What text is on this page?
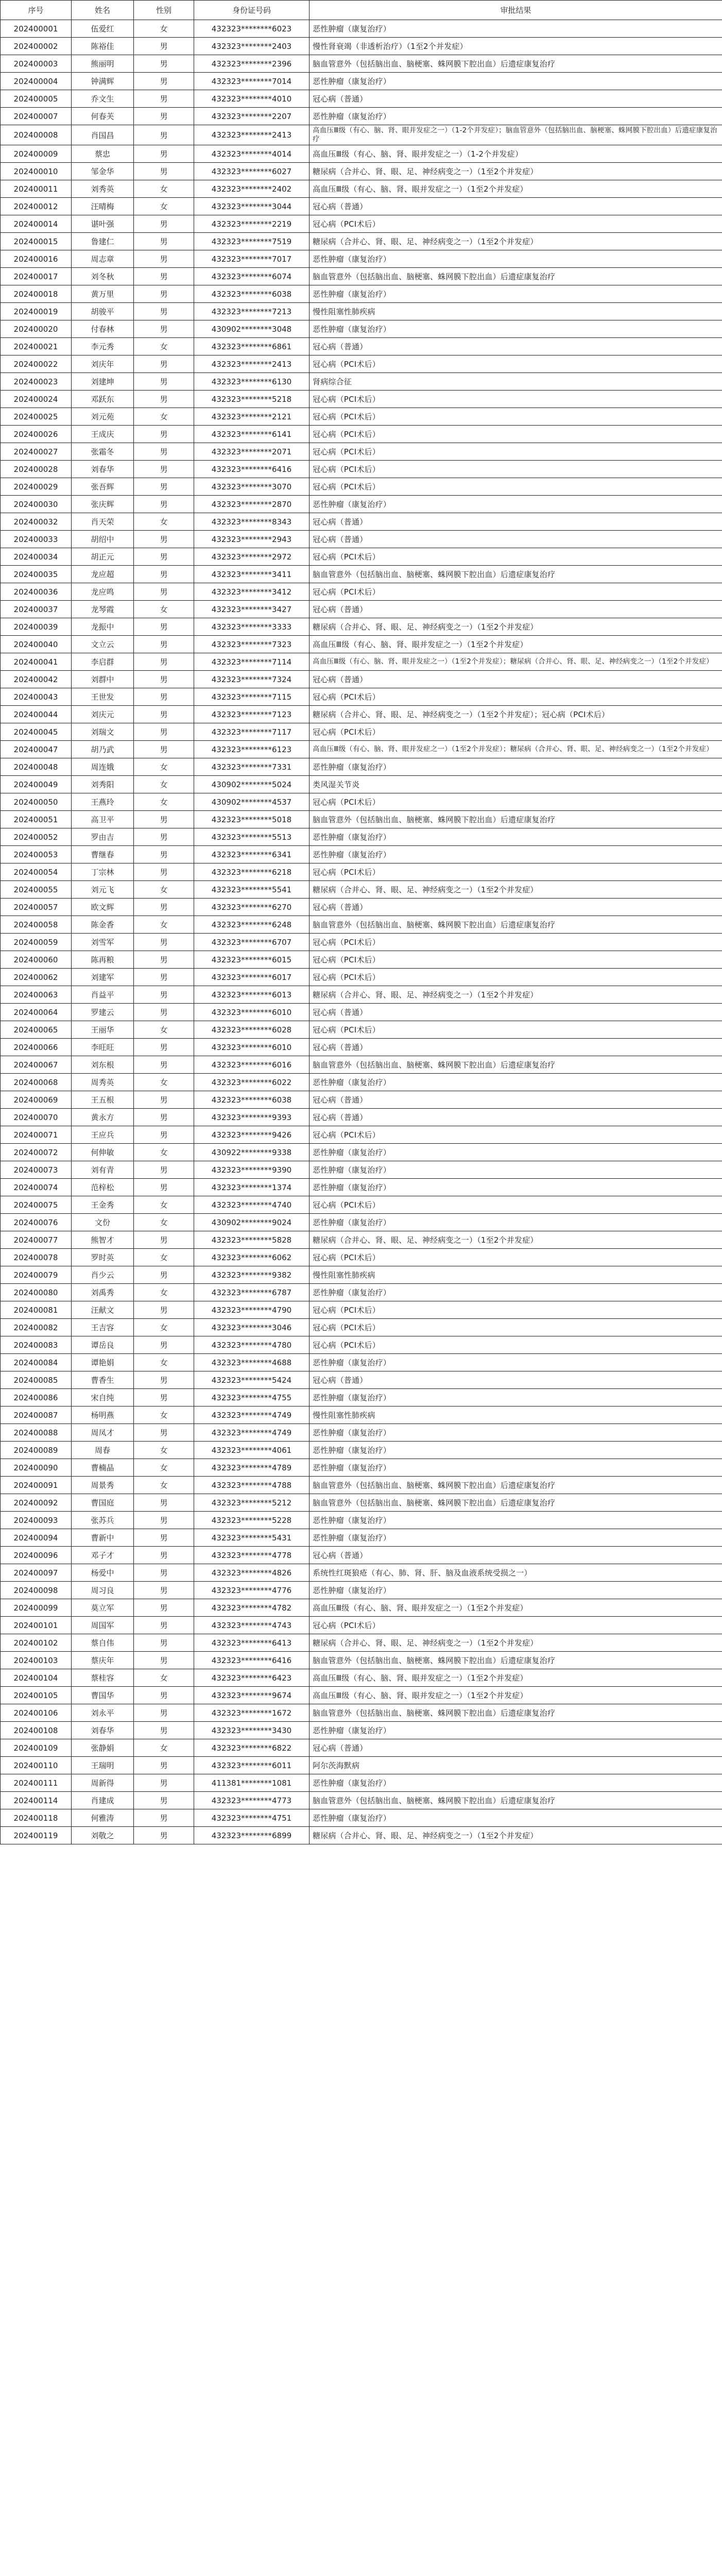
序号	姓名	性别	身份证号码	审批结果
202400001	伍爱红	女	432323********6023	恶性肿瘤（康复治疗）
202400002	陈裕佳	男	432323********2403	慢性肾衰竭（非透析治疗）（1至2个并发症）
202400003	熊丽明	男	432323********2396	脑血管意外（包括脑出血、脑梗塞、蛛网膜下腔出血）后遗症康复治疗
202400004	钟满辉	男	432323********7014	恶性肿瘤（康复治疗）
202400005	乔文生	男	432323********4010	冠心病（普通）
202400007	何春芙	男	432323********2207	恶性肿瘤（康复治疗）
202400008	肖国昌	男	432323********2413	高血压Ⅲ级（有心、脑、肾、眼并发症之一）（1-2个并发症）；脑血管意外（包括脑出血、脑梗塞、蛛网膜下腔出血）后遗症康复治疗
202400009	蔡忠	男	432323********4014	高血压Ⅲ级（有心、脑、肾、眼并发症之一）（1-2个并发症）
202400010	邹金华	男	432323********6027	糖尿病（合并心、肾、眼、足、神经病变之一）（1至2个并发症）
202400011	刘秀英	女	432323********2402	高血压Ⅲ级（有心、脑、肾、眼并发症之一）（1至2个并发症）
202400012	汪晴梅	女	432323********3044	冠心病（普通）
202400014	谌叶强	男	432323********2219	冠心病（PCI术后）
202400015	鲁建仁	男	432323********7519	糖尿病（合并心、肾、眼、足、神经病变之一）（1至2个并发症）
202400016	周志章	男	432323********7017	恶性肿瘤（康复治疗）
202400017	刘冬秋	男	432323********6074	脑血管意外（包括脑出血、脑梗塞、蛛网膜下腔出血）后遗症康复治疗
202400018	黄万里	男	432323********6038	恶性肿瘤（康复治疗）
202400019	胡骏平	男	432323********7213	慢性阻塞性肺疾病
202400020	付春林	男	430902********3048	恶性肿瘤（康复治疗）
202400021	李元秀	女	432323********6861	冠心病（普通）
202400022	刘庆年	男	432323********2413	冠心病（PCI术后）
202400023	刘建坤	男	432323********6130	肾病综合征
202400024	邓跃东	男	432323********5218	冠心病（PCI术后）
202400025	刘元苑	女	432323********2121	冠心病（PCI术后）
202400026	王成庆	男	432323********6141	冠心病（PCI术后）
202400027	张霜冬	男	432323********2071	冠心病（PCI术后）
202400028	刘春华	男	432323********6416	冠心病（PCI术后）
202400029	张吾辉	男	432323********3070	冠心病（PCI术后）
202400030	张庆辉	男	432323********2870	恶性肿瘤（康复治疗）
202400032	肖天荣	女	432323********8343	冠心病（普通）
202400033	胡绍中	男	432323********2943	冠心病（普通）
202400034	胡正元	男	432323********2972	冠心病（PCI术后）
202400035	龙应超	男	432323********3411	脑血管意外（包括脑出血、脑梗塞、蛛网膜下腔出血）后遗症康复治疗
202400036	龙应鸣	男	432323********3412	冠心病（PCI术后）
202400037	龙琴霞	女	432323********3427	冠心病（普通）
202400039	龙振中	男	432323********3333	糖尿病（合并心、肾、眼、足、神经病变之一）（1至2个并发症）
202400040	文立云	男	432323********7323	高血压Ⅲ级（有心、脑、肾、眼并发症之一）（1至2个并发症）
202400041	李启群	男	432323********7114	高血压Ⅲ级（有心、脑、肾、眼并发症之一）（1至2个并发症）；糖尿病（合并心、肾、眼、足、神经病变之一）（1至2个并发症）
202400042	刘群中	男	432323********7324	冠心病（普通）
202400043	王世发	男	432323********7115	冠心病（PCI术后）
202400044	刘庆元	男	432323********7123	糖尿病（合并心、肾、眼、足、神经病变之一）（1至2个并发症）；冠心病（PCI术后）
202400045	刘瑞文	男	432323********7117	冠心病（PCI术后）
202400047	胡乃武	男	432323********6123	高血压Ⅲ级（有心、脑、肾、眼并发症之一）（1至2个并发症）；糖尿病（合并心、肾、眼、足、神经病变之一）（1至2个并发症）
202400048	周连娥	女	432323********7331	恶性肿瘤（康复治疗）
202400049	刘秀阳	女	430902********5024	类风湿关节炎
202400050	王燕玲	女	430902********4537	冠心病（PCI术后）
202400051	高卫平	男	432323********5018	脑血管意外（包括脑出血、脑梗塞、蛛网膜下腔出血）后遗症康复治疗
202400052	罗由吉	男	432323********5513	恶性肿瘤（康复治疗）
202400053	曹继春	男	432323********6341	恶性肿瘤（康复治疗）
202400054	丁宗林	男	432323********6218	冠心病（PCI术后）
202400055	刘元飞	女	432323********5541	糖尿病（合并心、肾、眼、足、神经病变之一）（1至2个并发症）
202400057	欧文辉	男	432323********6270	冠心病（普通）
202400058	陈金香	女	432323********6248	脑血管意外（包括脑出血、脑梗塞、蛛网膜下腔出血）后遗症康复治疗
202400059	刘雪军	男	432323********6707	冠心病（PCI术后）
202400060	陈再粮	男	432323********6015	冠心病（PCI术后）
202400062	刘建军	男	432323********6017	冠心病（PCI术后）
202400063	肖益平	男	432323********6013	糖尿病（合并心、肾、眼、足、神经病变之一）（1至2个并发症）
202400064	罗建云	男	432323********6010	冠心病（普通）
202400065	王丽华	女	432323********6028	冠心病（PCI术后）
202400066	李旺旺	男	432323********6010	冠心病（普通）
202400067	刘东根	男	432323********6016	脑血管意外（包括脑出血、脑梗塞、蛛网膜下腔出血）后遗症康复治疗
202400068	周秀英	女	432323********6022	恶性肿瘤（康复治疗）
202400069	王五根	男	432323********6038	冠心病（普通）
202400070	黄永方	男	432323********9393	冠心病（普通）
202400071	王应兵	男	432323********9426	冠心病（PCI术后）
202400072	何伸敏	女	430922********9338	恶性肿瘤（康复治疗）
202400073	刘有青	男	432323********9390	恶性肿瘤（康复治疗）
202400074	范梓松	男	432323********1374	恶性肿瘤（康复治疗）
202400075	王金秀	女	432323********4740	冠心病（PCI术后）
202400076	文份	女	430902********9024	恶性肿瘤（康复治疗）
202400077	熊智才	男	432323********5828	糖尿病（合并心、肾、眼、足、神经病变之一）（1至2个并发症）
202400078	罗时英	女	432323********6062	冠心病（PCI术后）
202400079	肖少云	男	432323********9382	慢性阻塞性肺疾病
202400080	刘禹秀	女	432323********6787	恶性肿瘤（康复治疗）
202400081	汪献文	男	432323********4790	冠心病（PCI术后）
202400082	王吉容	女	432323********3046	冠心病（PCI术后）
202400083	谭岳良	男	432323********4780	冠心病（PCI术后）
202400084	谭艳娟	女	432323********4688	恶性肿瘤（康复治疗）
202400085	曹香生	男	432323********5424	冠心病（普通）
202400086	宋自纯	男	432323********4755	恶性肿瘤（康复治疗）
202400087	杨明燕	女	432323********4749	慢性阻塞性肺疾病
202400088	周凤才	男	432323********4749	恶性肿瘤（康复治疗）
202400089	周春	女	432323********4061	恶性肿瘤（康复治疗）
202400090	曹楠晶	女	432323********4789	恶性肿瘤（康复治疗）
202400091	周景秀	女	432323********4788	脑血管意外（包括脑出血、脑梗塞、蛛网膜下腔出血）后遗症康复治疗
202400092	曹国庭	男	432323********5212	脑血管意外（包括脑出血、脑梗塞、蛛网膜下腔出血）后遗症康复治疗
202400093	张苏兵	男	432323********5228	恶性肿瘤（康复治疗）
202400094	曹新中	男	432323********5431	恶性肿瘤（康复治疗）
202400096	邓子才	男	432323********4778	冠心病（普通）
202400097	杨爱中	男	432323********4826	系统性红斑狼疮（有心、肺、肾、肝、脑及血液系统受损之一）
202400098	周习良	男	432323********4776	恶性肿瘤（康复治疗）
202400099	莫立军	男	432323********4782	高血压Ⅲ级（有心、脑、肾、眼并发症之一）（1至2个并发症）
202400101	周国军	男	432323********4743	冠心病（PCI术后）
202400102	蔡自伟	男	432323********6413	糖尿病（合并心、肾、眼、足、神经病变之一）（1至2个并发症）
202400103	蔡庆年	男	432323********6416	脑血管意外（包括脑出血、脑梗塞、蛛网膜下腔出血）后遗症康复治疗
202400104	蔡桂容	女	432323********6423	高血压Ⅲ级（有心、脑、肾、眼并发症之一）（1至2个并发症）
202400105	曹国华	男	432323********9674	高血压Ⅲ级（有心、脑、肾、眼并发症之一）（1至2个并发症）
202400106	刘永平	男	432323********1672	脑血管意外（包括脑出血、脑梗塞、蛛网膜下腔出血）后遗症康复治疗
202400108	刘春华	男	432323********3430	恶性肿瘤（康复治疗）
202400109	张静娟	女	432323********6822	冠心病（普通）
202400110	王瑞明	男	432323********6011	阿尔茨海默病
202400111	周新得	男	411381********1081	恶性肿瘤（康复治疗）
202400114	肖建成	男	432323********4773	脑血管意外（包括脑出血、脑梗塞、蛛网膜下腔出血）后遗症康复治疗
202400118	何雅涛	男	432323********4751	恶性肿瘤（康复治疗）
202400119	刘敬之	男	432323********6899	糖尿病（合并心、肾、眼、足、神经病变之一）（1至2个并发症）
